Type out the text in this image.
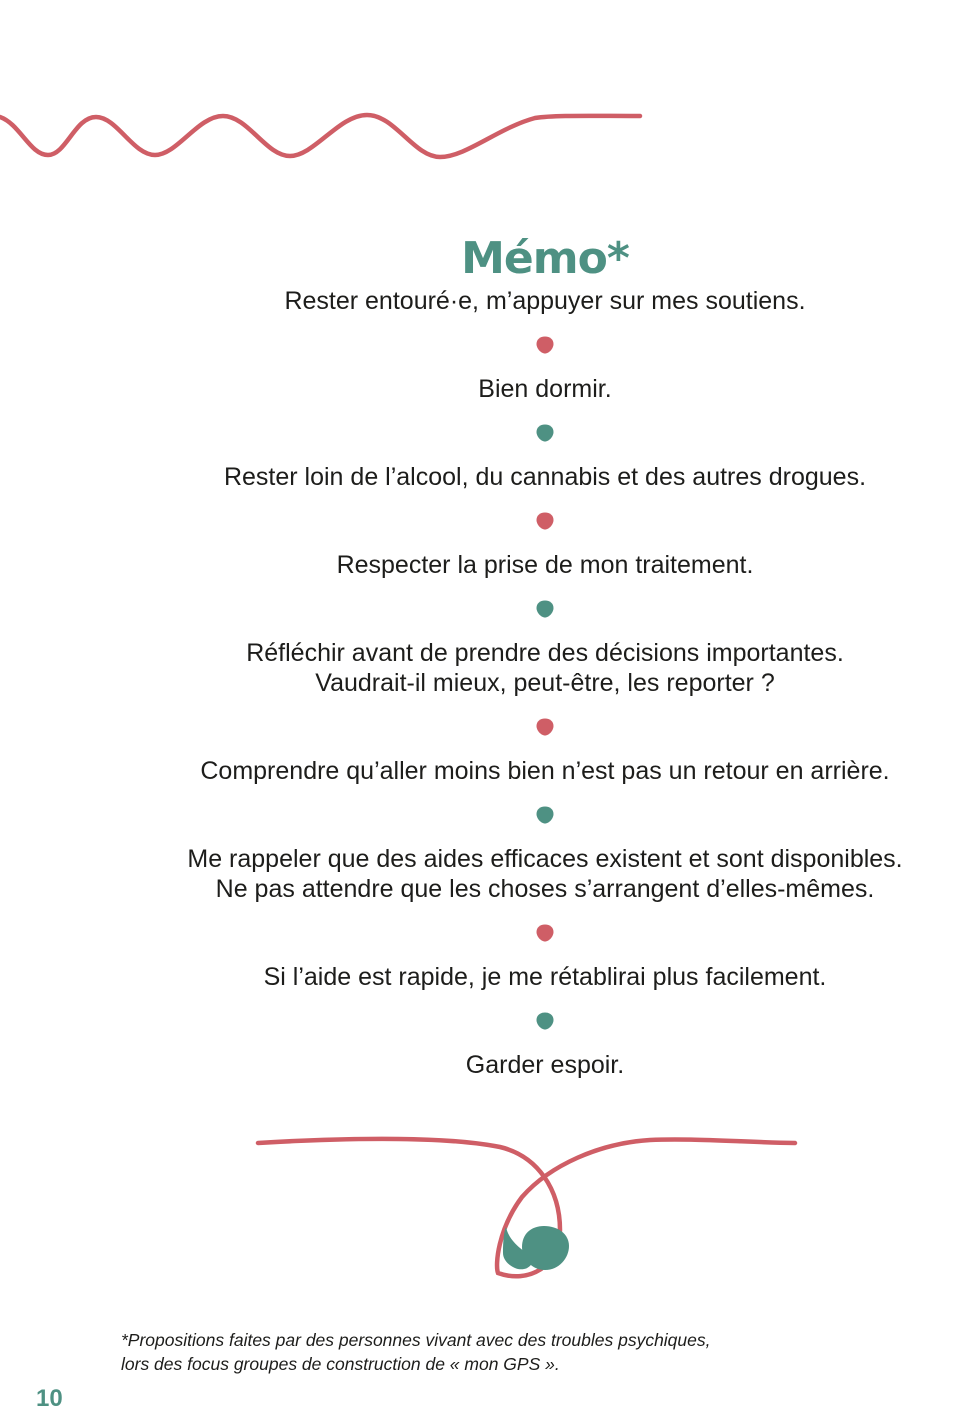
Mémo*
Rester entouré·e, m’appuyer sur mes soutiens.
Bien dormir.
Rester loin de l’alcool, du cannabis et des autres drogues.
Respecter la prise de mon traitement.
Réfléchir avant de prendre des décisions importantes.
Vaudrait-il mieux, peut-être, les reporter ?
Comprendre qu’aller moins bien n’est pas un retour en arrière.
Me rappeler que des aides efficaces existent et sont disponibles.
Ne pas attendre que les choses s’arrangent d’elles-mêmes.
Si l’aide est rapide, je me rétablirai plus facilement.
Garder espoir.
*Propositions faites par des personnes vivant avec des troubles psychiques,
lors des focus groupes de construction de « mon GPS ».
10
